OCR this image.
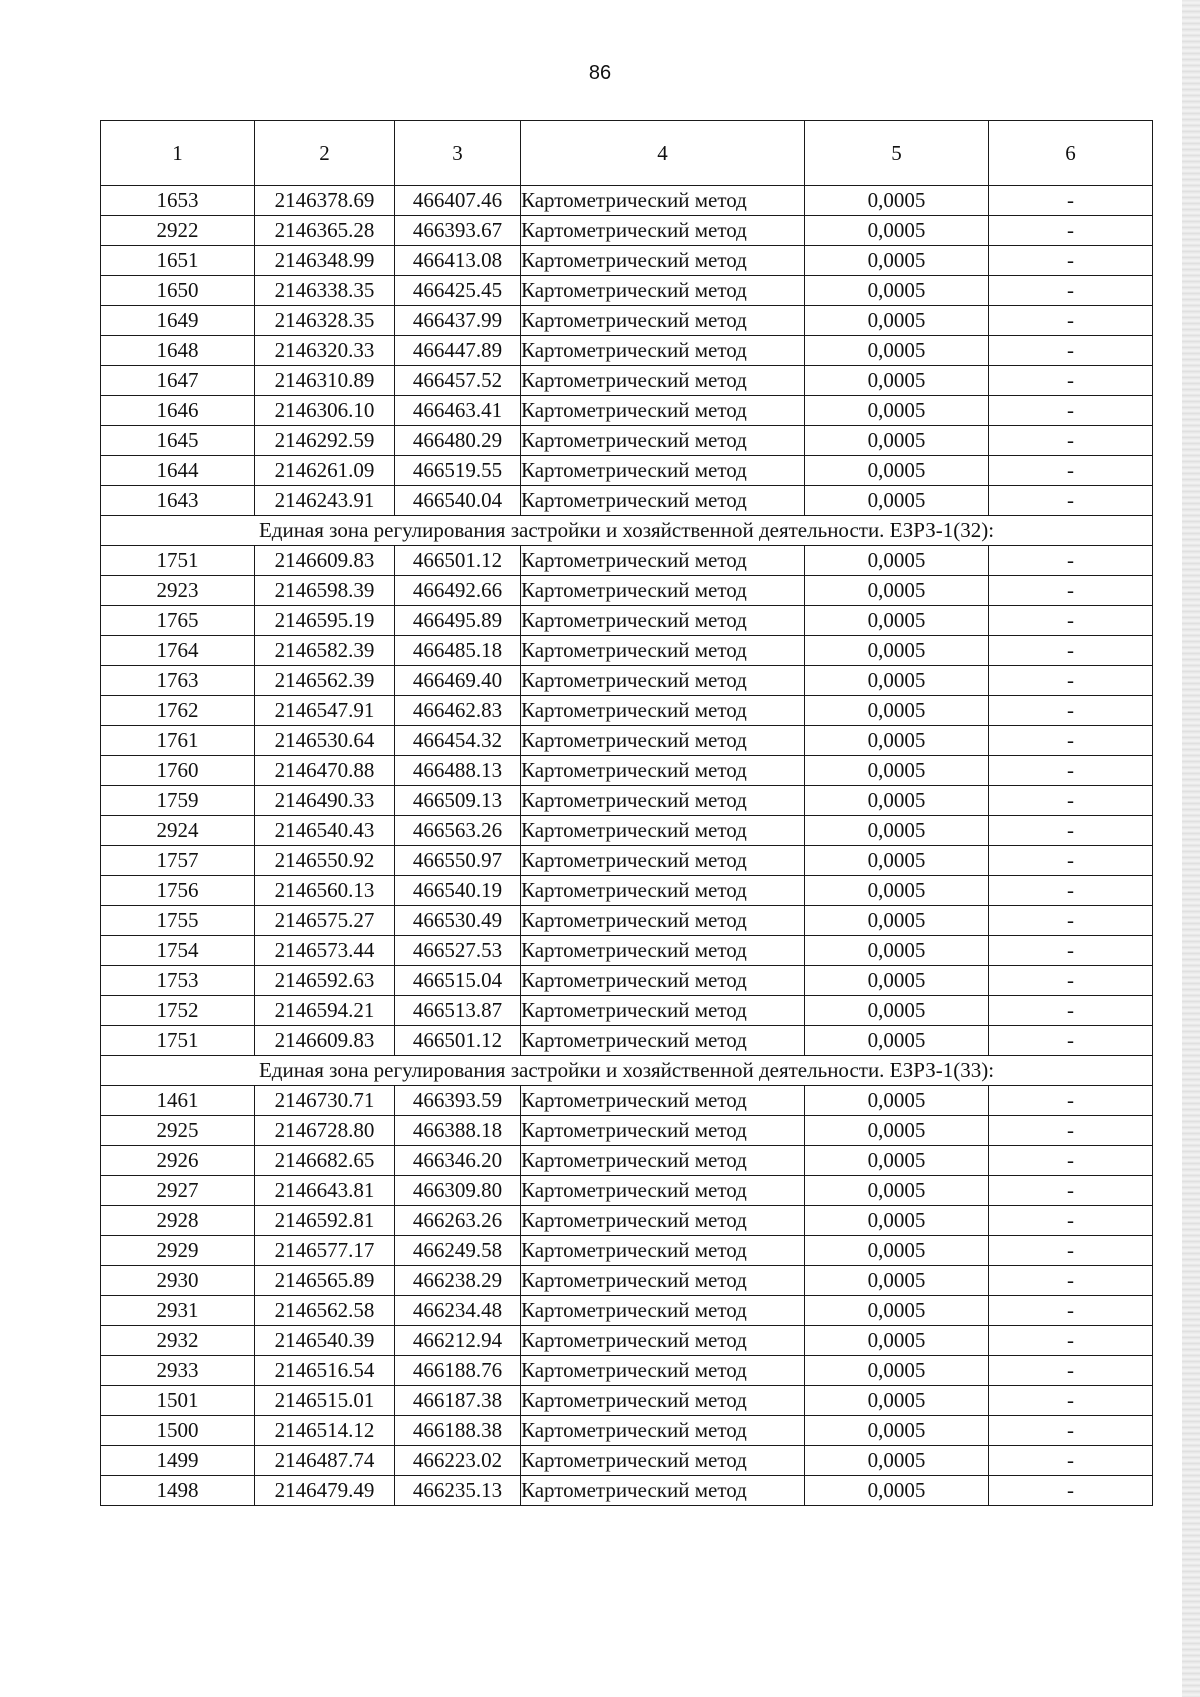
86
1	2	3	4	5	6
1653	2146378.69	466407.46	Картометрический метод	0,0005	-
2922	2146365.28	466393.67	Картометрический метод	0,0005	-
1651	2146348.99	466413.08	Картометрический метод	0,0005	-
1650	2146338.35	466425.45	Картометрический метод	0,0005	-
1649	2146328.35	466437.99	Картометрический метод	0,0005	-
1648	2146320.33	466447.89	Картометрический метод	0,0005	-
1647	2146310.89	466457.52	Картометрический метод	0,0005	-
1646	2146306.10	466463.41	Картометрический метод	0,0005	-
1645	2146292.59	466480.29	Картометрический метод	0,0005	-
1644	2146261.09	466519.55	Картометрический метод	0,0005	-
1643	2146243.91	466540.04	Картометрический метод	0,0005	-
Единая зона регулирования застройки и хозяйственной деятельности. ЕЗРЗ-1(32):					
1751	2146609.83	466501.12	Картометрический метод	0,0005	-
2923	2146598.39	466492.66	Картометрический метод	0,0005	-
1765	2146595.19	466495.89	Картометрический метод	0,0005	-
1764	2146582.39	466485.18	Картометрический метод	0,0005	-
1763	2146562.39	466469.40	Картометрический метод	0,0005	-
1762	2146547.91	466462.83	Картометрический метод	0,0005	-
1761	2146530.64	466454.32	Картометрический метод	0,0005	-
1760	2146470.88	466488.13	Картометрический метод	0,0005	-
1759	2146490.33	466509.13	Картометрический метод	0,0005	-
2924	2146540.43	466563.26	Картометрический метод	0,0005	-
1757	2146550.92	466550.97	Картометрический метод	0,0005	-
1756	2146560.13	466540.19	Картометрический метод	0,0005	-
1755	2146575.27	466530.49	Картометрический метод	0,0005	-
1754	2146573.44	466527.53	Картометрический метод	0,0005	-
1753	2146592.63	466515.04	Картометрический метод	0,0005	-
1752	2146594.21	466513.87	Картометрический метод	0,0005	-
1751	2146609.83	466501.12	Картометрический метод	0,0005	-
Единая зона регулирования застройки и хозяйственной деятельности. ЕЗРЗ-1(33):					
1461	2146730.71	466393.59	Картометрический метод	0,0005	-
2925	2146728.80	466388.18	Картометрический метод	0,0005	-
2926	2146682.65	466346.20	Картометрический метод	0,0005	-
2927	2146643.81	466309.80	Картометрический метод	0,0005	-
2928	2146592.81	466263.26	Картометрический метод	0,0005	-
2929	2146577.17	466249.58	Картометрический метод	0,0005	-
2930	2146565.89	466238.29	Картометрический метод	0,0005	-
2931	2146562.58	466234.48	Картометрический метод	0,0005	-
2932	2146540.39	466212.94	Картометрический метод	0,0005	-
2933	2146516.54	466188.76	Картометрический метод	0,0005	-
1501	2146515.01	466187.38	Картометрический метод	0,0005	-
1500	2146514.12	466188.38	Картометрический метод	0,0005	-
1499	2146487.74	466223.02	Картометрический метод	0,0005	-
1498	2146479.49	466235.13	Картометрический метод	0,0005	-
